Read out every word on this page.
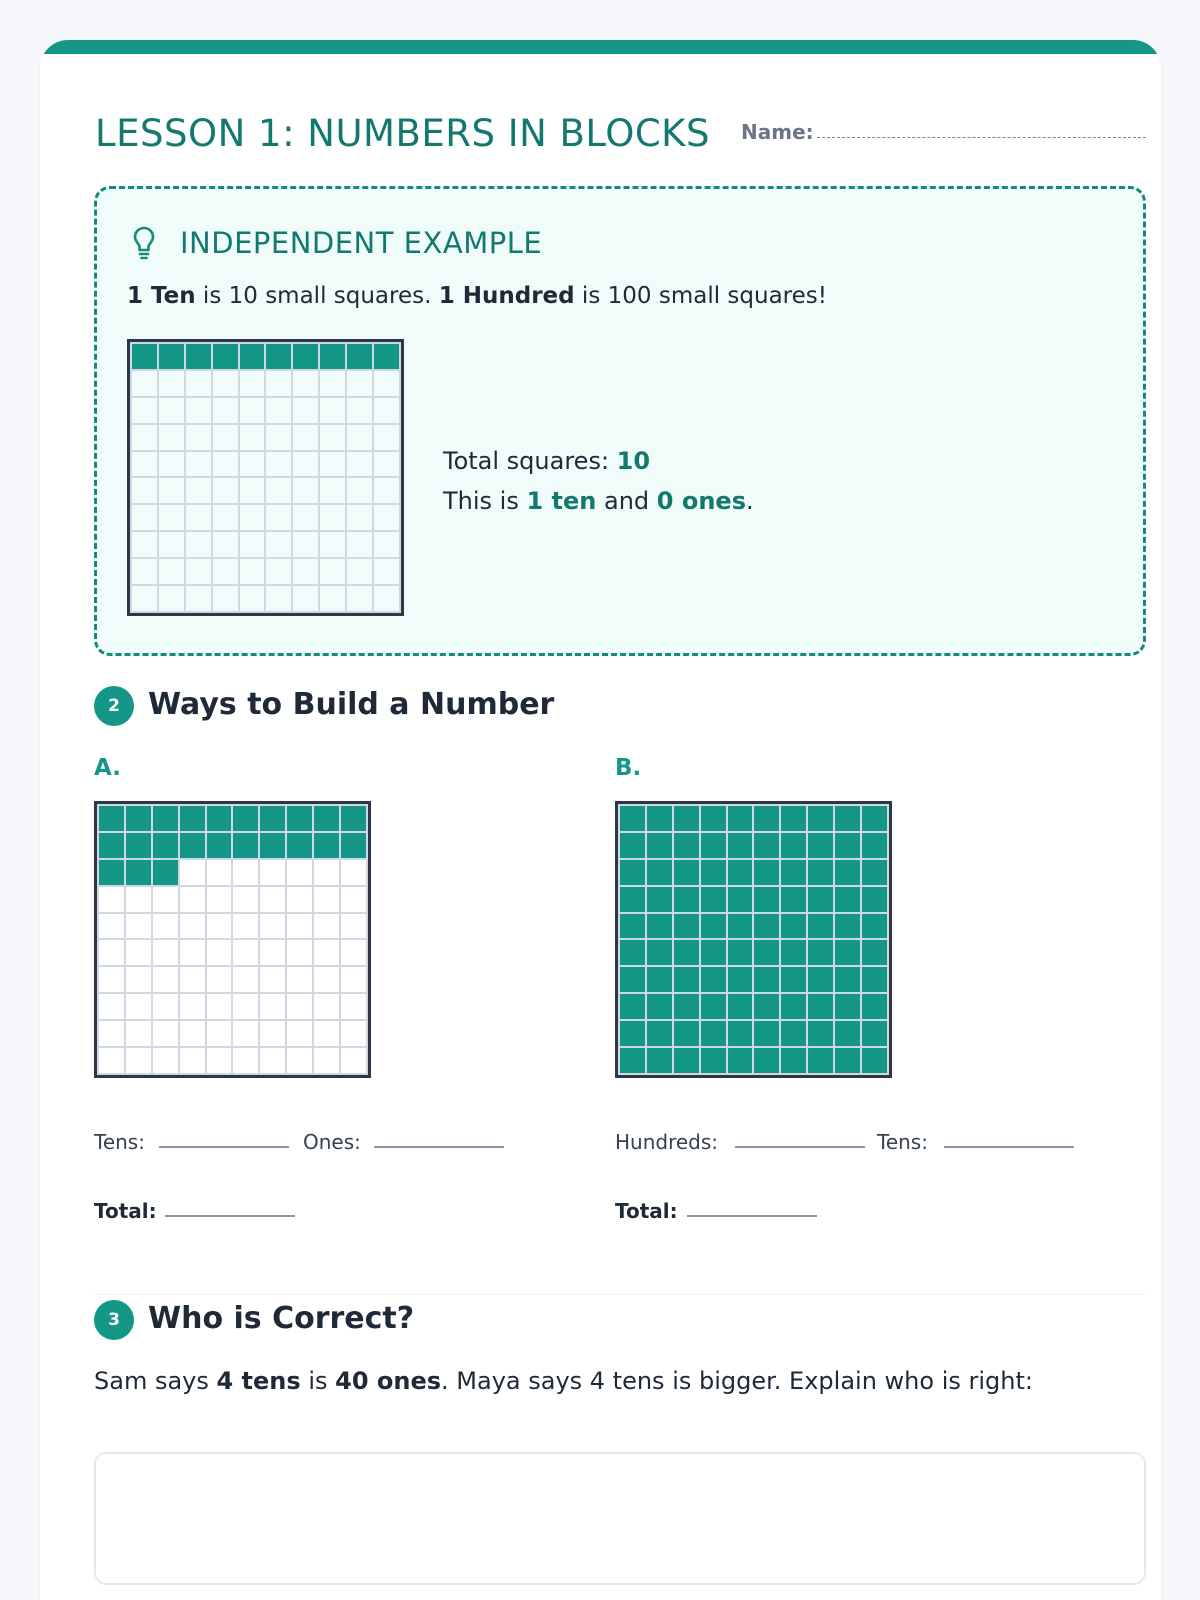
LESSON 1: NUMBERS IN BLOCKS Name:
INDEPENDENT EXAMPLE
1 Ten is 10 small squares. 1 Hundred is 100 small squares!
Total squares: 10
This is 1 ten and 0 ones.
2 Ways to Build a Number
A.	B.
Tens:	Ones:	Hundreds:	Tens:
Total:	Total:
3 Who is Correct?
Sam says 4 tens is 40 ones. Maya says 4 tens is bigger. Explain who is right:
